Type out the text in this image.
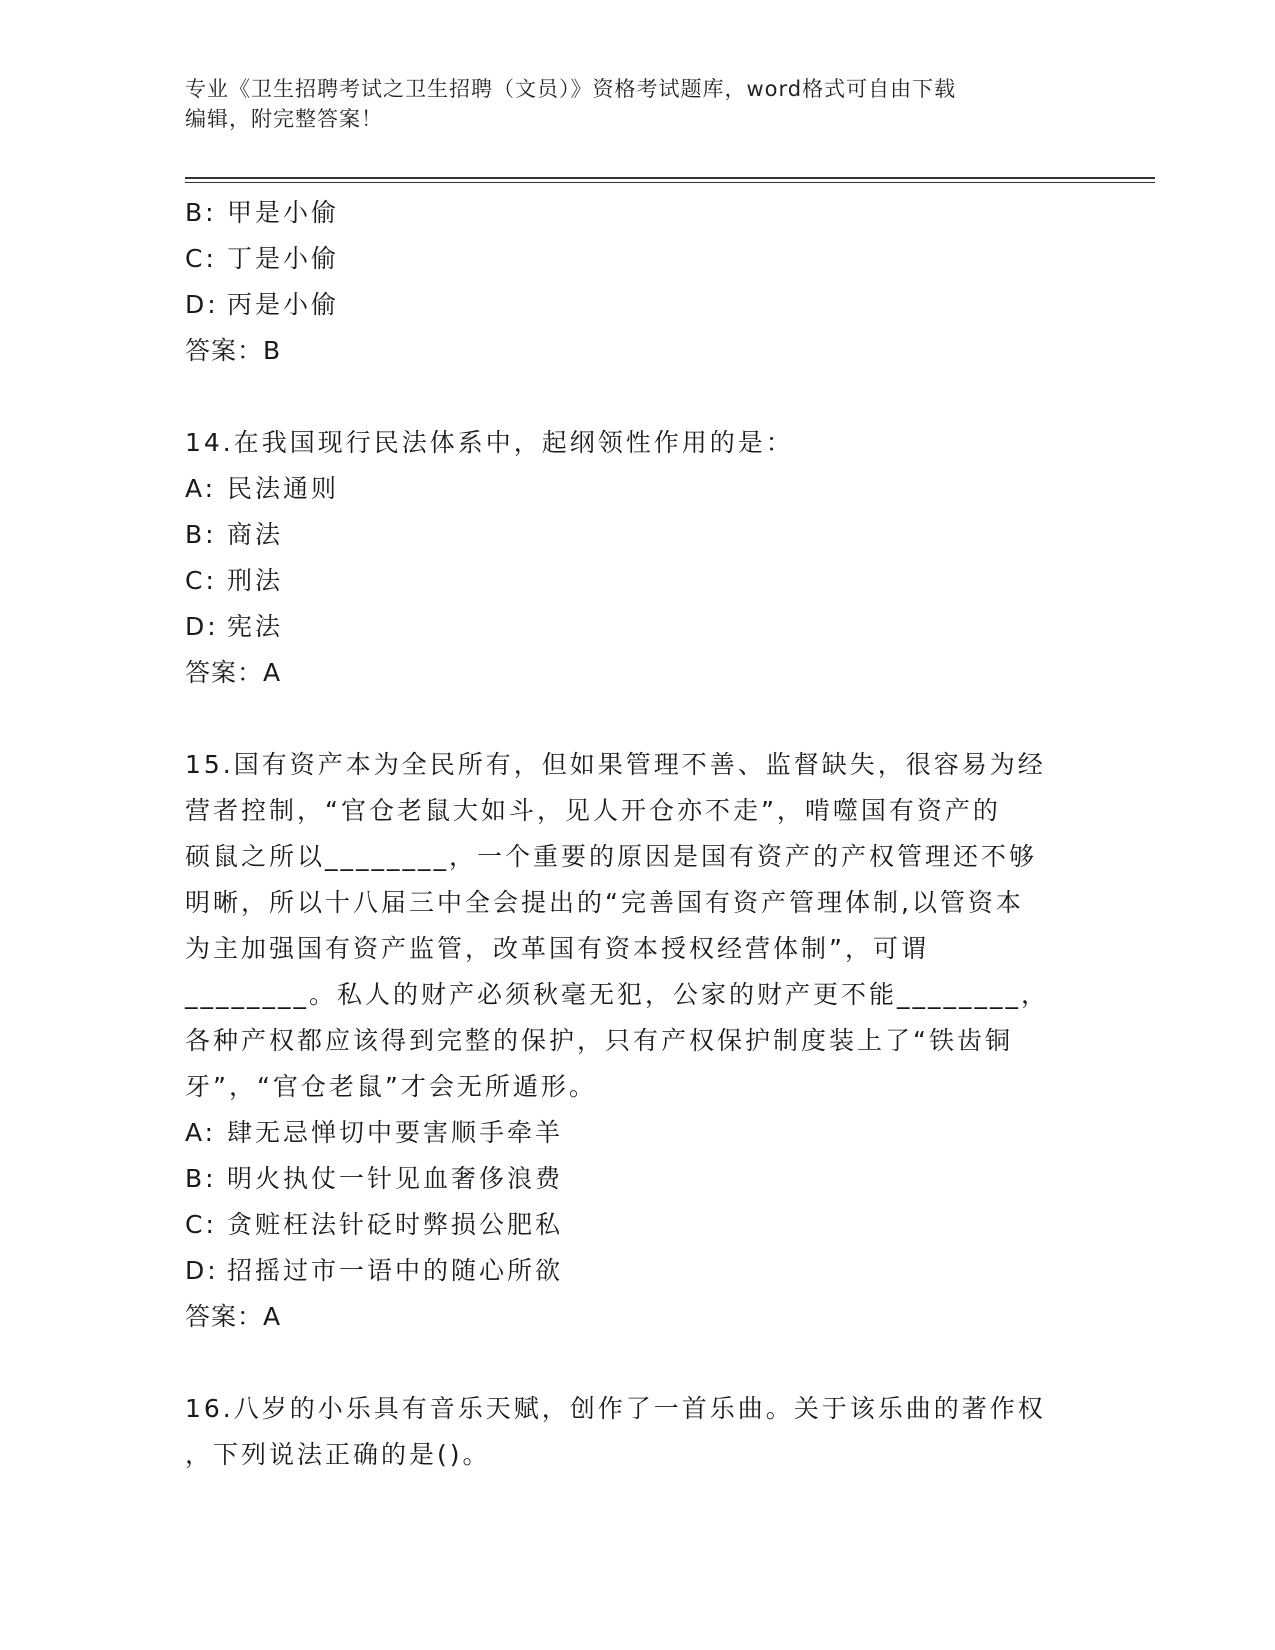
专业《卫生招聘考试之卫生招聘（文员）》资格考试题库，word格式可自由下载
编辑，附完整答案！
B: 甲是小偷
C: 丁是小偷
D: 丙是小偷
答案：B
14.在我国现行民法体系中，起纲领性作用的是：
A: 民法通则
B: 商法
C: 刑法
D: 宪法
答案：A
15.国有资产本为全民所有，但如果管理不善、监督缺失，很容易为经
营者控制，“官仓老鼠大如斗，见人开仓亦不走”，啃噬国有资产的
硕鼠之所以________，一个重要的原因是国有资产的产权管理还不够
明晰，所以十八届三中全会提出的“完善国有资产管理体制,以管资本
为主加强国有资产监管，改革国有资本授权经营体制”，可谓
________。私人的财产必须秋毫无犯，公家的财产更不能________，
各种产权都应该得到完整的保护，只有产权保护制度装上了“铁齿铜
牙”，“官仓老鼠”才会无所遁形。
A: 肆无忌惮切中要害顺手牵羊
B: 明火执仗一针见血奢侈浪费
C: 贪赃枉法针砭时弊损公肥私
D: 招摇过市一语中的随心所欲
答案：A
16.八岁的小乐具有音乐天赋，创作了一首乐曲。关于该乐曲的著作权
，下列说法正确的是()。
